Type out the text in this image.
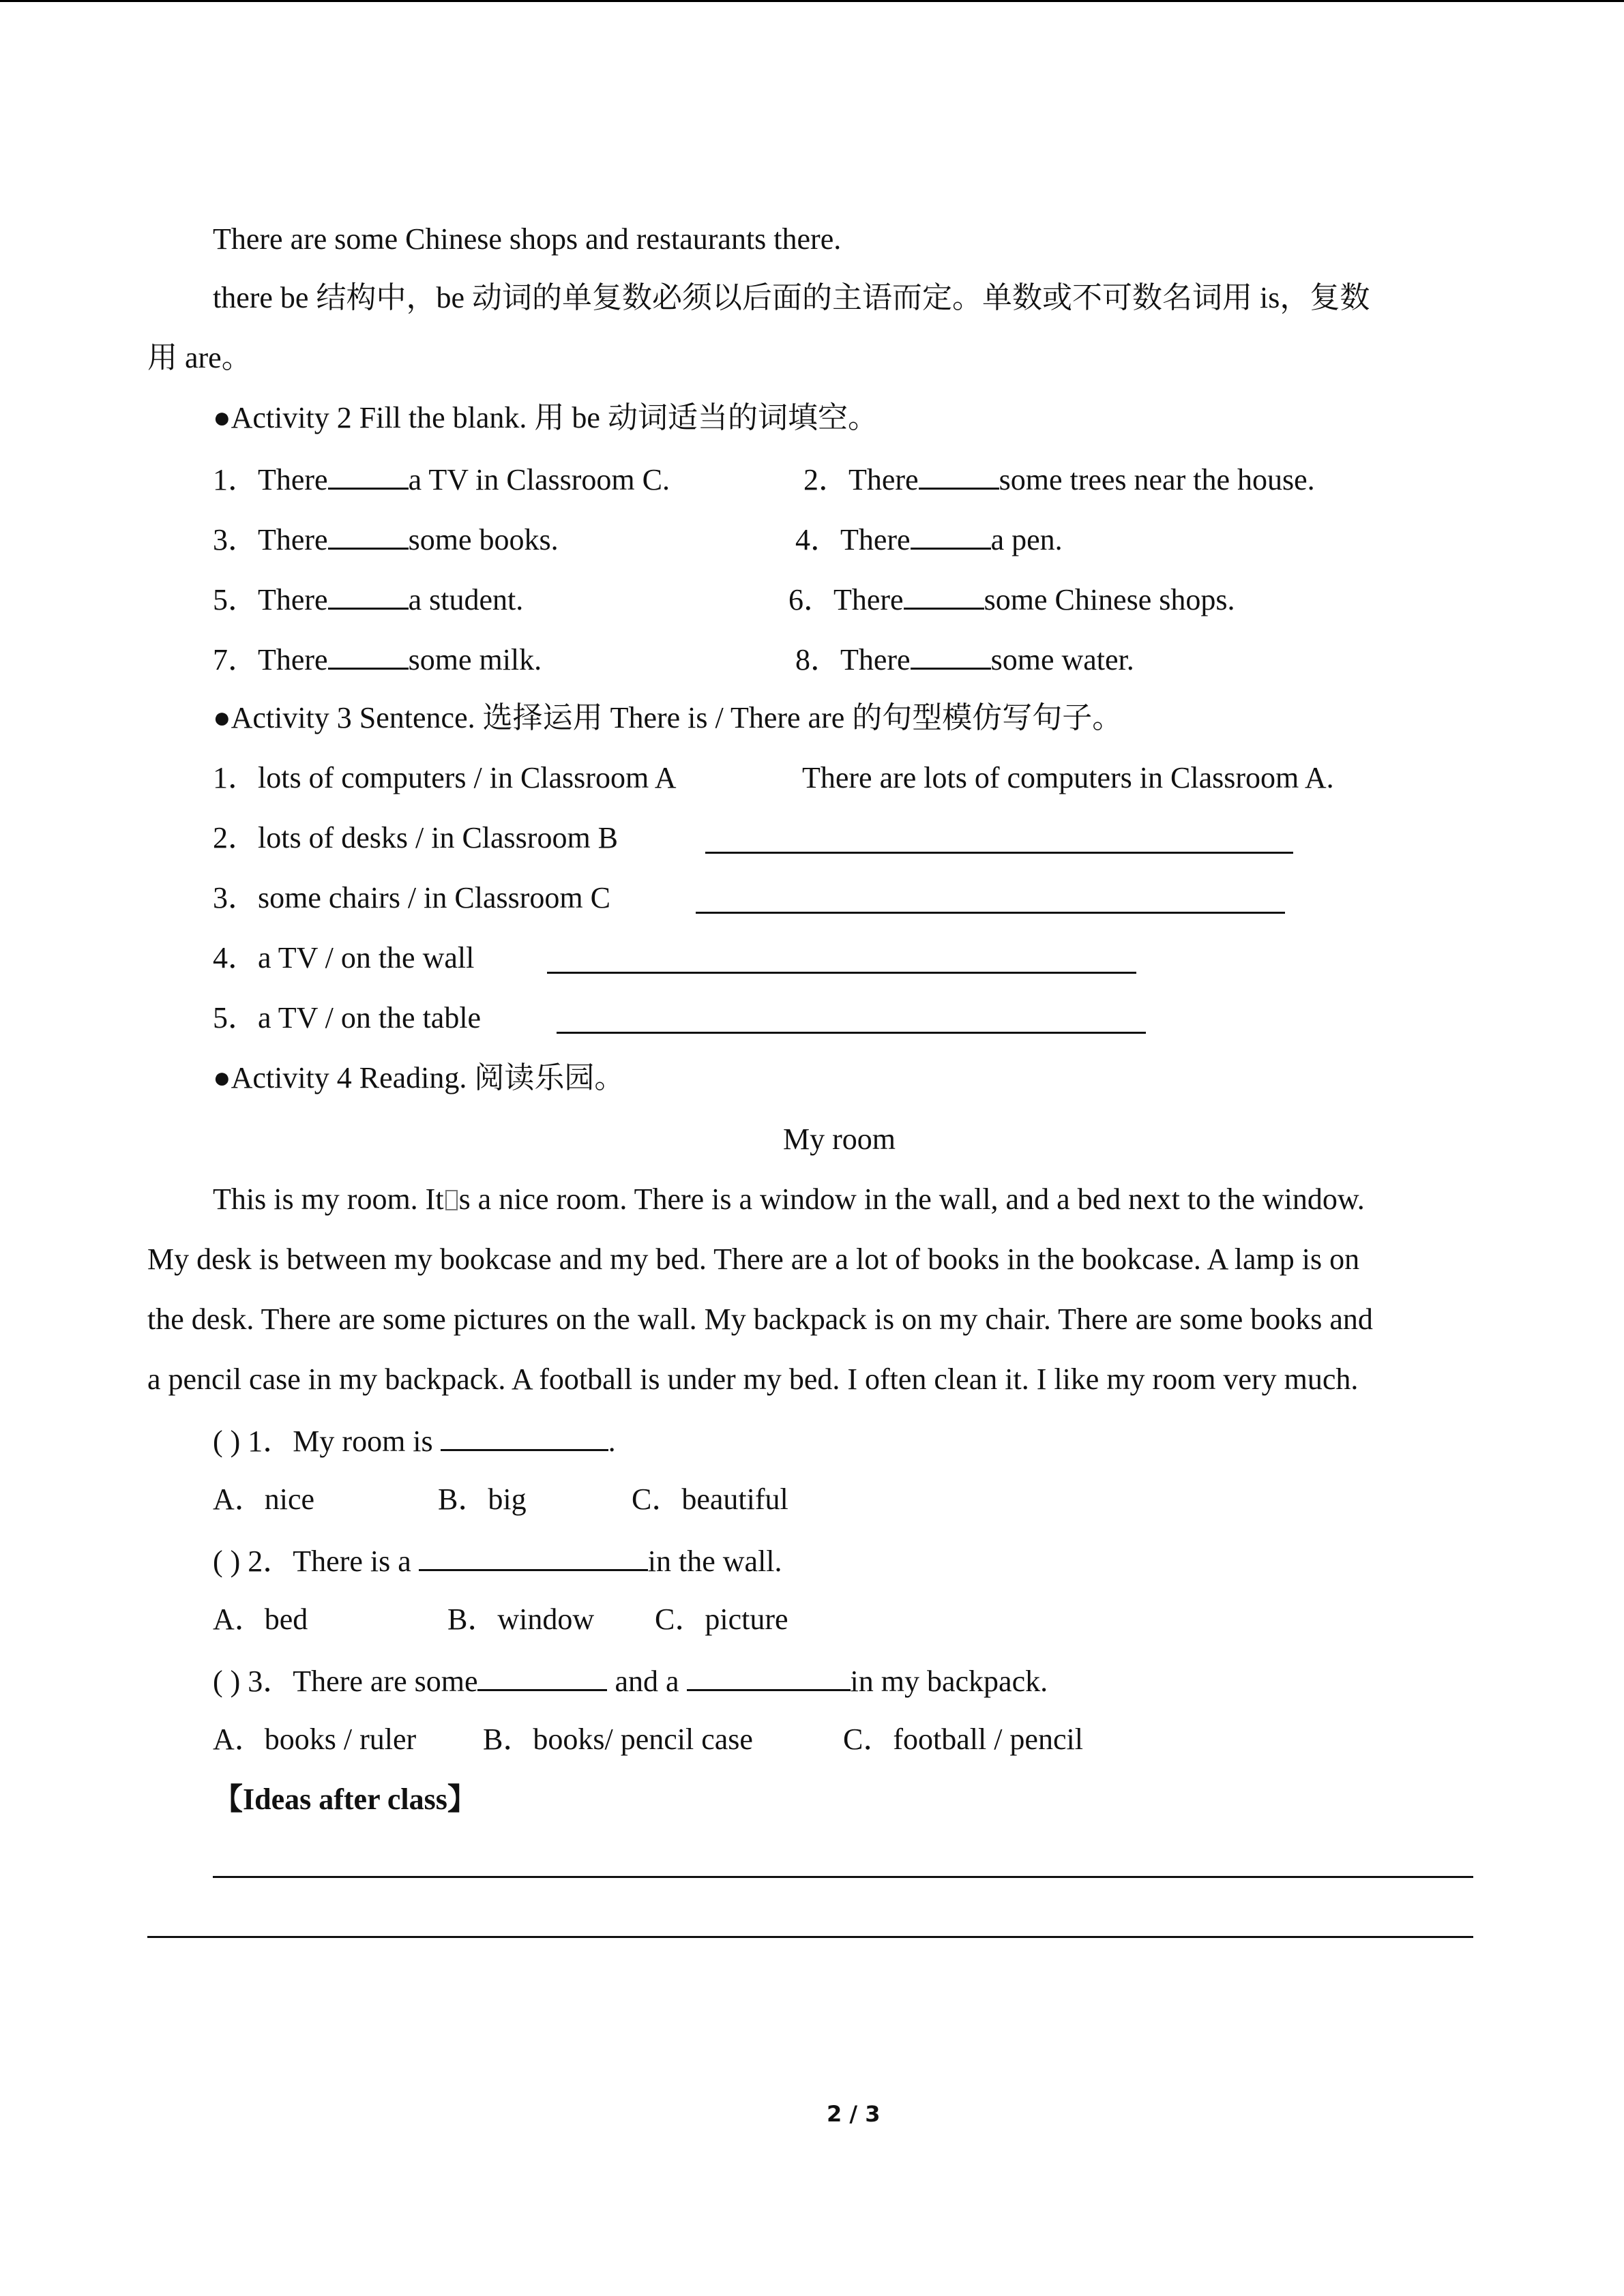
There are some Chinese shops and restaurants there.
there be 结构中，be 动词的单复数必须以后面的主语而定。单数或不可数名词用 is，复数
用 are。
●Activity 2 Fill the blank. 用 be 动词适当的词填空。
1．There	a TV in Classroom C.	2．There	some trees near the house.
3．There	some books.	4．There	a pen.
5．There	a student.	6．There	some Chinese shops.
7．There	some milk.	8．There	some water.
●Activity 3 Sentence. 选择运用 There is / There are 的句型模仿写句子。
1．lots of computers / in Classroom A	There are lots of computers in Classroom A.
2．lots of desks / in Classroom B
3．some chairs / in Classroom C
4．a TV / on the wall
5．a TV / on the table
●Activity 4 Reading. 阅读乐园。
My room
This is my room. It s a nice room. There is a window in the wall, and a bed next to the window.
My desk is between my bookcase and my bed. There are a lot of books in the bookcase. A lamp is on
the desk. There are some pictures on the wall. My backpack is on my chair. There are some books and
a pencil case in my backpack. A football is under my bed. I often clean it. I like my room very much.
( ) 1．My room is	.
A．nice	B．big	C．beautiful
( ) 2．There is a	in the wall.
A．bed	B．window C．picture
( ) 3．There are some	and a	in my backpack.
A．books / ruler B．books/ pencil case	C．football / pencil
【Ideas after class】
2 / 3
